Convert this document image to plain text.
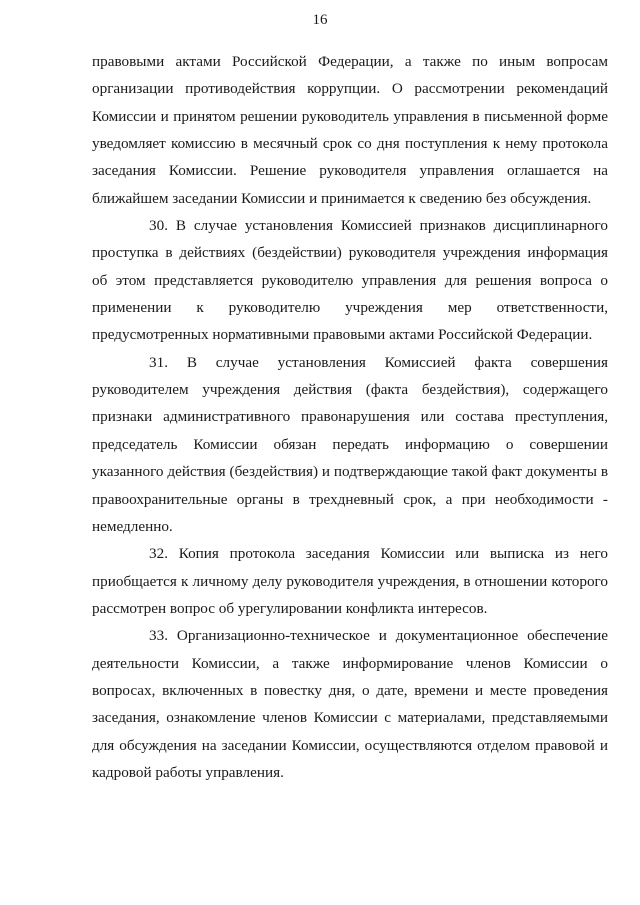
16

правовыми актами Российской Федерации, а также по иным вопросам организации противодействия коррупции. О рассмотрении рекомендаций Комиссии и принятом решении руководитель управления в письменной форме уведомляет комиссию в месячный срок со дня поступления к нему протокола заседания Комиссии. Решение руководителя управления оглашается на ближайшем заседании Комиссии и принимается к сведению без обсуждения.

30. В случае установления Комиссией признаков дисциплинарного проступка в действиях (бездействии) руководителя учреждения информация об этом представляется руководителю управления для решения вопроса о применении к руководителю учреждения мер ответственности, предусмотренных нормативными правовыми актами Российской Федерации.

31. В случае установления Комиссией факта совершения руководителем учреждения действия (факта бездействия), содержащего признаки административного правонарушения или состава преступления, председатель Комиссии обязан передать информацию о совершении указанного действия (бездействия) и подтверждающие такой факт документы в правоохранительные органы в трехдневный срок, а при необходимости - немедленно.

32. Копия протокола заседания Комиссии или выписка из него приобщается к личному делу руководителя учреждения, в отношении которого рассмотрен вопрос об урегулировании конфликта интересов.

33. Организационно-техническое и документационное обеспечение деятельности Комиссии, а также информирование членов Комиссии о вопросах, включенных в повестку дня, о дате, времени и месте проведения заседания, ознакомление членов Комиссии с материалами, представляемыми для обсуждения на заседании Комиссии, осуществляются отделом правовой и кадровой работы управления.
